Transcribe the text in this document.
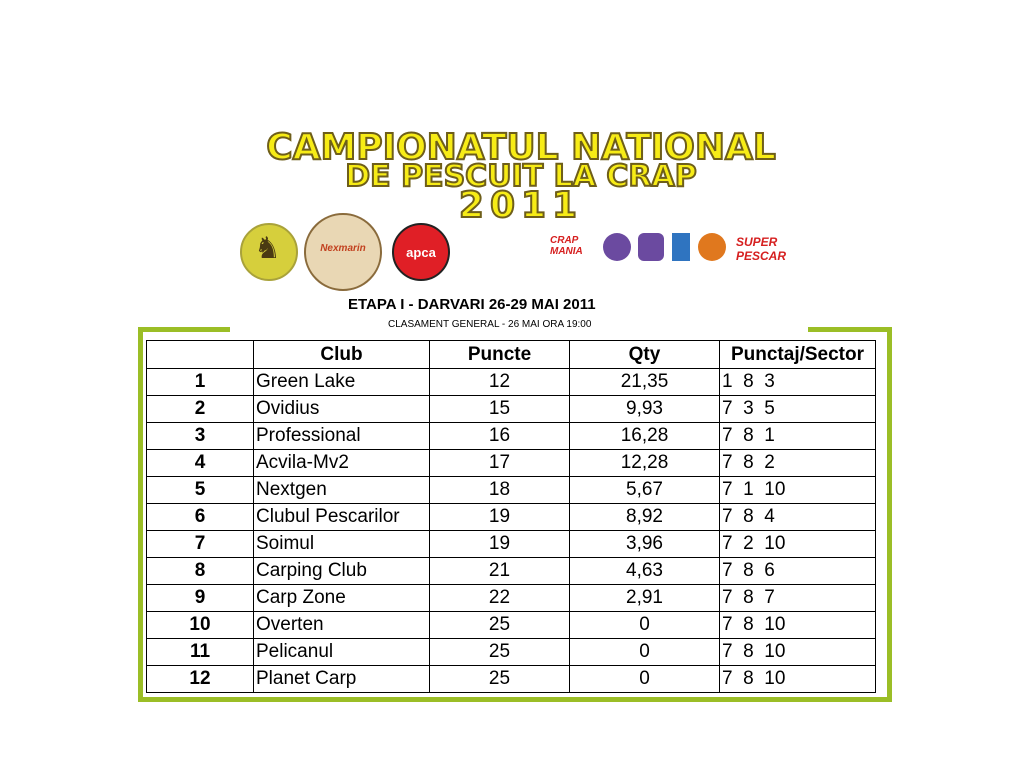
CAMPIONATUL NATIONAL
DE PESCUIT LA CRAP
2011
♞
Nexmarin	apca
CRAP MANIA
SUPER PESCAR
ETAPA I - DARVARI 26-29 MAI 2011
CLASAMENT GENERAL - 26 MAI ORA 19:00
	Club	Puncte	Qty	Punctaj/Sector
1	Green Lake	12	21,35	1  8  3
2	Ovidius	15	9,93	7  3  5
3	Professional	16	16,28	7  8  1
4	Acvila-Mv2	17	12,28	7  8  2
5	Nextgen	18	5,67	7  1  10
6	Clubul Pescarilor	19	8,92	7  8  4
7	Soimul	19	3,96	7  2  10
8	Carping Club	21	4,63	7  8  6
9	Carp Zone	22	2,91	7  8  7
10	Overten	25	0	7  8  10
11	Pelicanul	25	0	7  8  10
12	Planet Carp	25	0	7  8  10
